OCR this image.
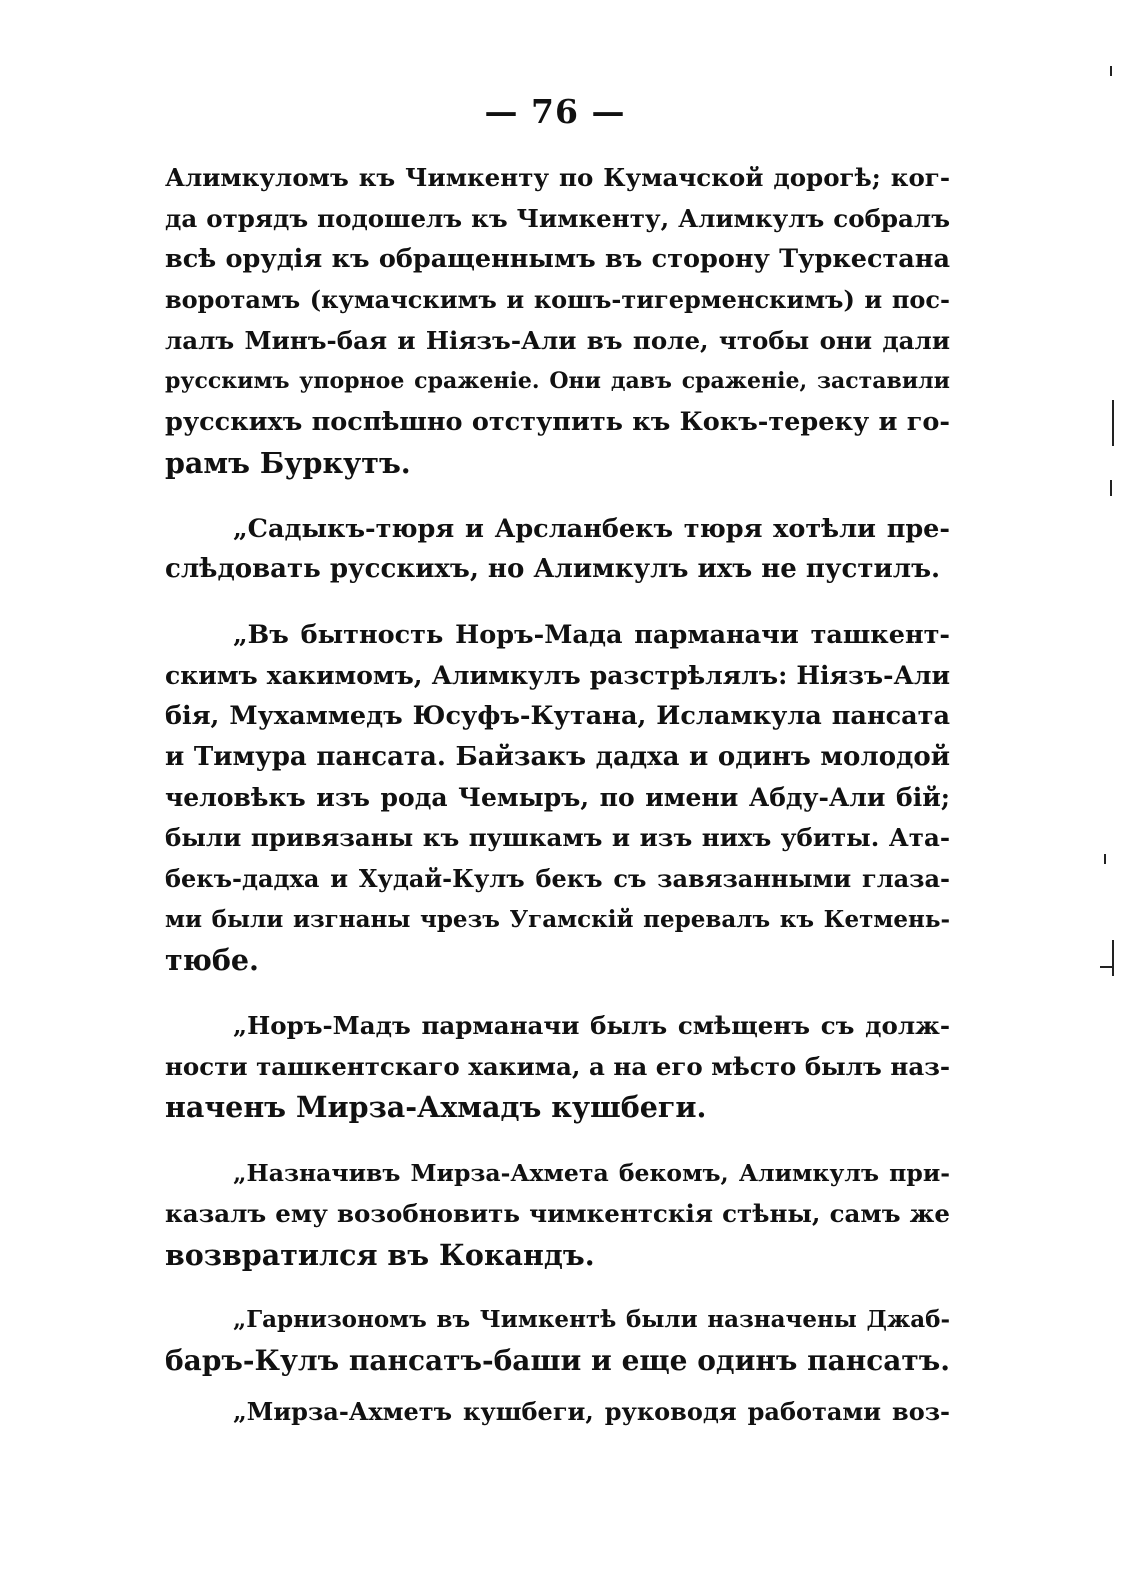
— 76 —
Алимкуломъ къ Чимкенту по Кумачской дорогѣ; ког-
да отрядъ подошелъ къ Чимкенту, Алимкулъ собралъ
всѣ орудія къ обращеннымъ въ сторону Туркестана
воротамъ (кумачскимъ и кошъ-тигерменскимъ) и пос-
лалъ Минъ-бая и Ніязъ-Али въ поле, чтобы они дали
русскимъ упорное сраженіе. Они давъ сраженіе, заставили
русскихъ поспѣшно отступить къ Кокъ-тереку и го-
рамъ Буркутъ.
„Садыкъ-тюря и Арсланбекъ тюря хотѣли пре-
слѣдовать русскихъ, но Алимкулъ ихъ не пустилъ.
„Въ бытность Норъ-Мада парманачи ташкент-
скимъ хакимомъ, Алимкулъ разстрѣлялъ: Ніязъ-Али
бія, Мухаммедъ Юсуфъ-Кутана, Исламкула пансата
и Тимура пансата. Байзакъ дадха и одинъ молодой
человѣкъ изъ рода Чемыръ, по имени Абду-Али бій;
были привязаны къ пушкамъ и изъ нихъ убиты. Ата-
бекъ-дадха и Худай-Кулъ бекъ съ завязанными глаза-
ми были изгнаны чрезъ Угамскій перевалъ къ Кетмень-
тюбе.
„Норъ-Мадъ парманачи былъ смѣщенъ съ долж-
ности ташкентскаго хакима, а на его мѣсто былъ наз-
наченъ Мирза-Ахмадъ кушбеги.
„Назначивъ Мирза-Ахмета бекомъ, Алимкулъ при-
казалъ ему возобновить чимкентскія стѣны, самъ же
возвратился въ Кокандъ.
„Гарнизономъ въ Чимкентѣ были назначены Джаб-
баръ-Кулъ пансатъ-баши и еще одинъ пансатъ.
„Мирза-Ахметъ кушбеги, руководя работами воз-
